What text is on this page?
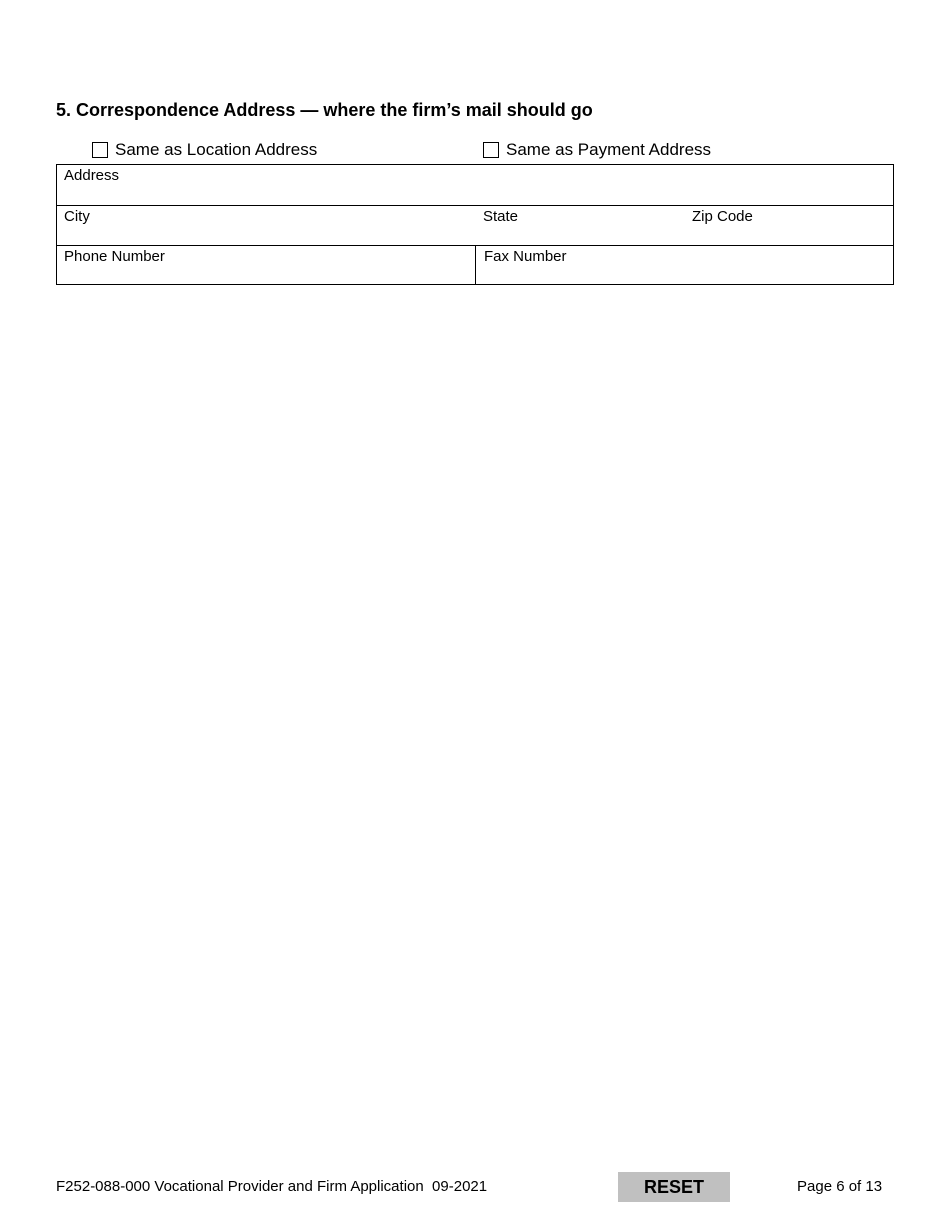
5. Correspondence Address — where the firm’s mail should go
Same as Location Address	Same as Payment Address
Address
City	State	Zip Code
Phone Number	Fax Number
F252-088-000 Vocational Provider and Firm Application  09-2021	RESET	Page 6 of 13
